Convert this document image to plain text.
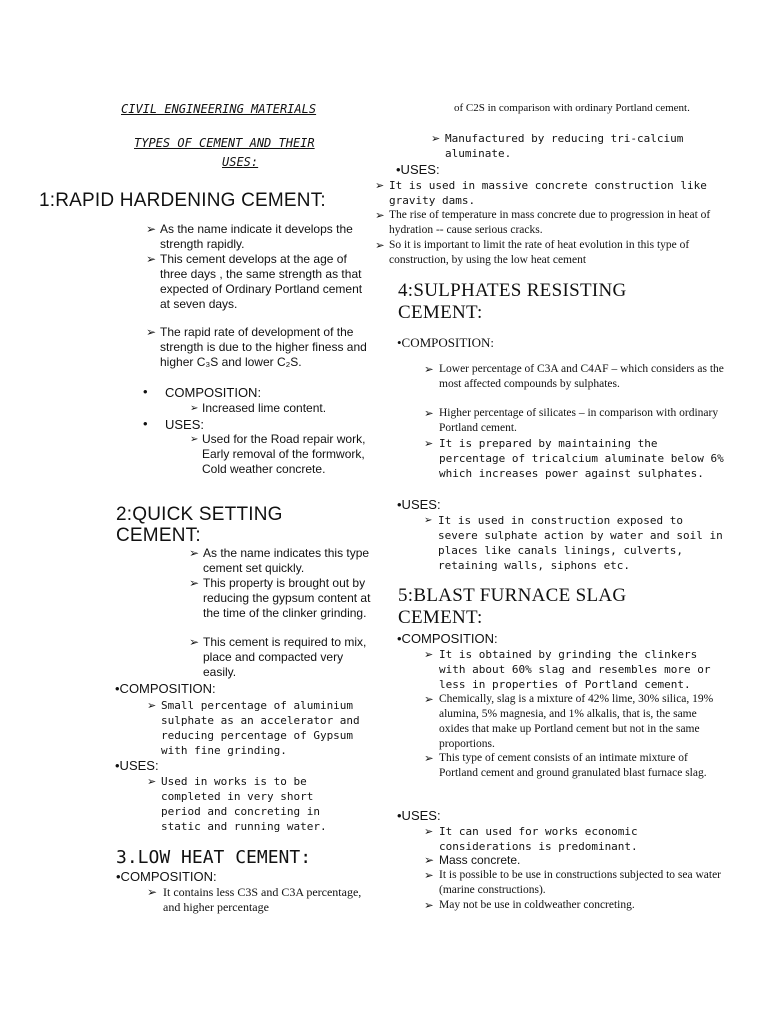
CIVIL ENGINEERING MATERIALS
TYPES OF CEMENT AND THEIR
USES:
1:RAPID HARDENING CEMENT:
➢ As the name indicate it develops the strength rapidly.
➢ This cement develops at the age of three days , the same strength as that expected of Ordinary Portland cement at seven days.
➢ The rapid rate of development of the strength is due to the higher finess and higher C₃S and lower C₂S.
• COMPOSITION:
➢ Increased lime content.
• USES:
➢ Used for the Road repair work, Early removal of the formwork, Cold weather concrete.
2:QUICK SETTING
CEMENT:
➢ As the name indicates this type cement set quickly.
➢ This property is brought out by reducing the gypsum content at the time of the clinker grinding.
➢ This cement is required to mix, place and compacted very easily.
•COMPOSITION:
➢ Small percentage of aluminium sulphate as an accelerator and reducing percentage of Gypsum with fine grinding.
•USES:
➢ Used in works is to be completed in very short period and concreting in static and running water.
3.LOW HEAT CEMENT:
•COMPOSITION:
➢ It contains less C3S and C3A percentage, and higher percentage
of C2S in comparison with ordinary Portland cement.
➢ Manufactured by reducing tri-calcium aluminate.
•USES:
➢ It is used in massive concrete construction like gravity dams.
➢ The rise of temperature in mass concrete due to progression in heat of hydration -- cause serious cracks.
➢ So it is important to limit the rate of heat evolution in this type of construction, by using the low heat cement
4:SULPHATES RESISTING
CEMENT:
•COMPOSITION:
➢ Lower percentage of C3A and C4AF – which considers as the most affected compounds by sulphates.
➢ Higher percentage of silicates – in comparison with ordinary Portland cement.
➢ It is prepared by maintaining the percentage of tricalcium aluminate below 6% which increases power against sulphates.
•USES:
➢ It is used in construction exposed to severe sulphate action by water and soil in places like canals linings, culverts, retaining walls, siphons etc.
5:BLAST FURNACE SLAG
CEMENT:
•COMPOSITION:
➢ It is obtained by grinding the clinkers with about 60% slag and resembles more or less in properties of Portland cement.
➢ Chemically, slag is a mixture of 42% lime, 30% silica, 19% alumina, 5% magnesia, and 1% alkalis, that is, the same oxides that make up Portland cement but not in the same proportions.
➢ This type of cement consists of an intimate mixture of Portland cement and ground granulated blast furnace slag.
•USES:
➢ It can used for works economic considerations is predominant.
➢ Mass concrete.
➢ It is possible to be use in constructions subjected to sea water (marine constructions).
➢ May not be use in coldweather concreting.
